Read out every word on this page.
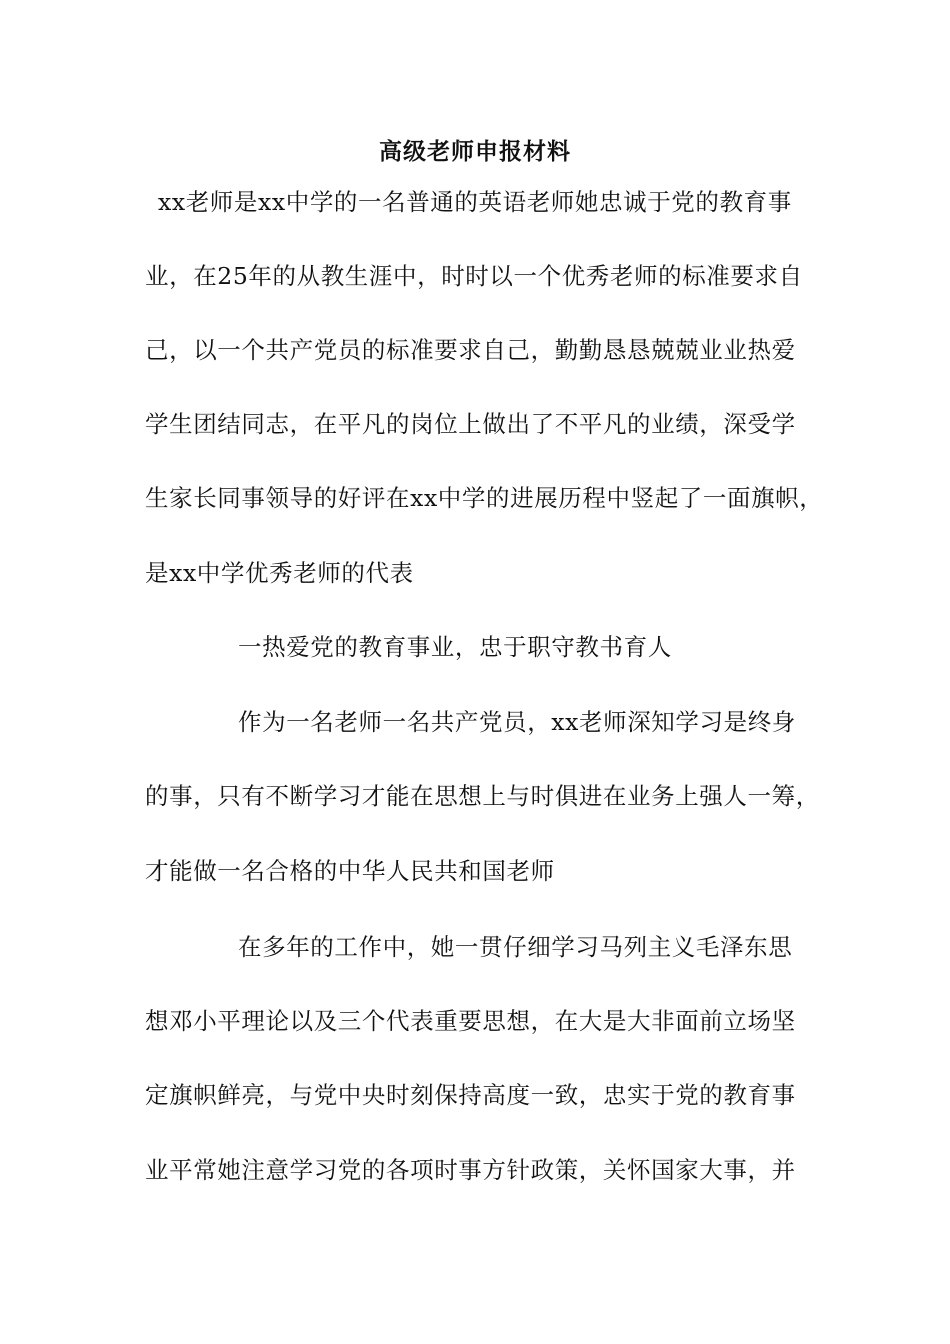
高级老师申报材料
xx老师是xx中学的一名普通的英语老师她忠诚于党的教育事
业，在25年的从教生涯中，时时以一个优秀老师的标准要求自
己，以一个共产党员的标准要求自己，勤勤恳恳兢兢业业热爱
学生团结同志，在平凡的岗位上做出了不平凡的业绩，深受学
生家长同事领导的好评在xx中学的进展历程中竖起了一面旗帜，
是xx中学优秀老师的代表
一热爱党的教育事业，忠于职守教书育人
作为一名老师一名共产党员，xx老师深知学习是终身
的事，只有不断学习才能在思想上与时俱进在业务上强人一筹，
才能做一名合格的中华人民共和国老师
在多年的工作中，她一贯仔细学习马列主义毛泽东思
想邓小平理论以及三个代表重要思想，在大是大非面前立场坚
定旗帜鲜亮，与党中央时刻保持高度一致，忠实于党的教育事
业平常她注意学习党的各项时事方针政策，关怀国家大事，并
